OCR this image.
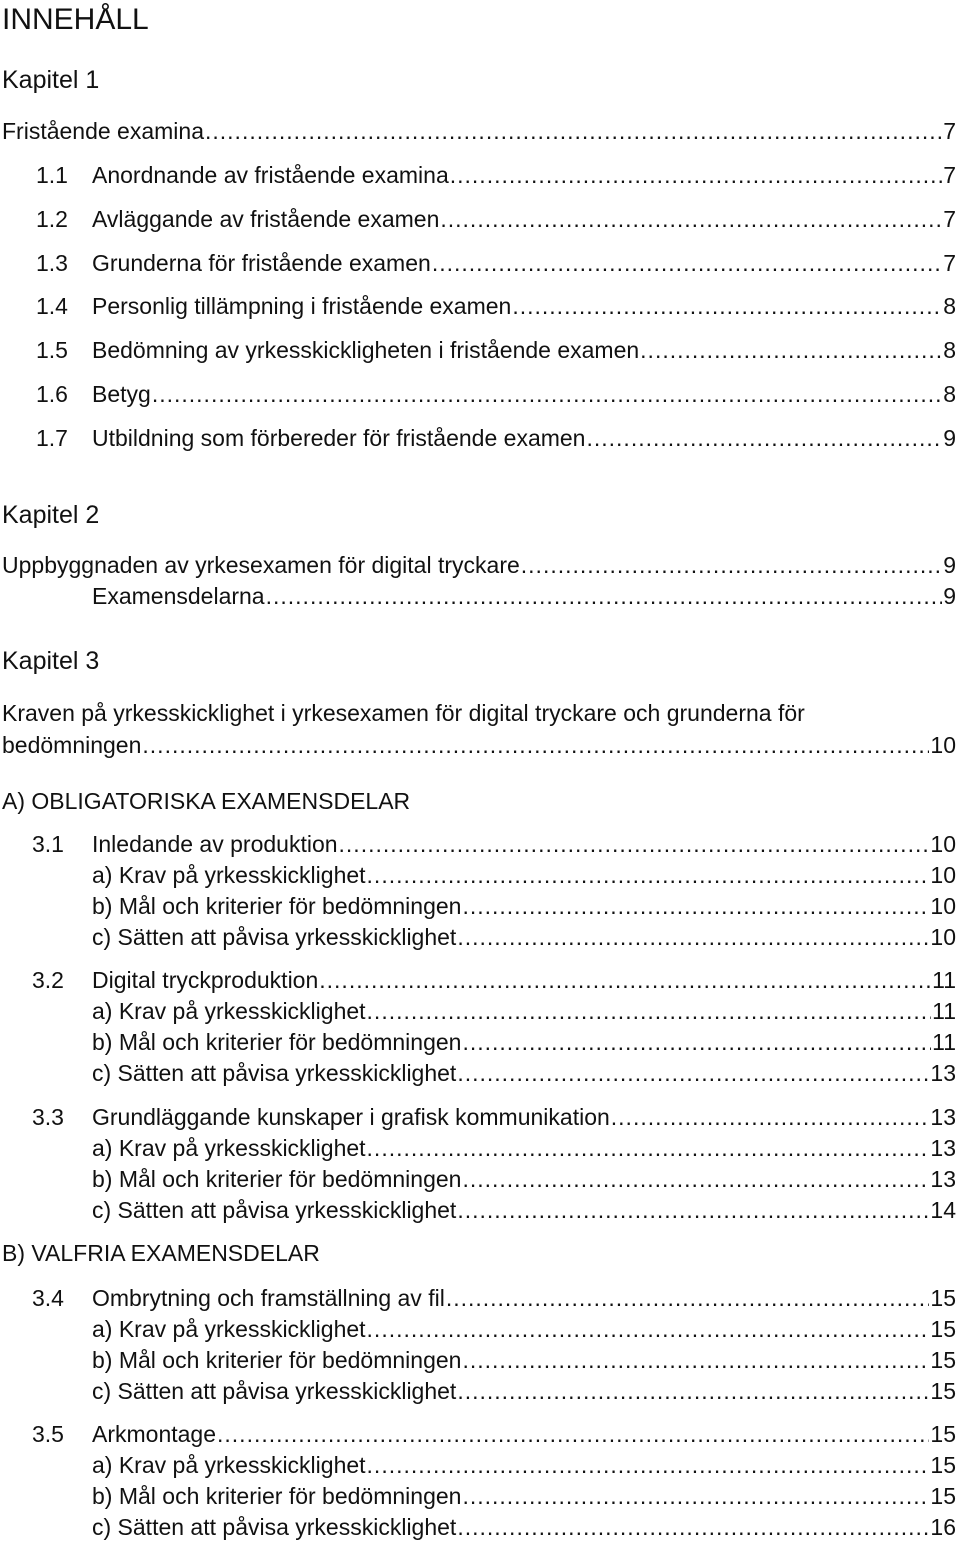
INNEHÅLL
Kapitel 1
Fristående examina .....	7
1.1	Anordnande av fristående examina .....	7
1.2	Avläggande av fristående examen .....	7
1.3	Grunderna för fristående examen .....	7
1.4	Personlig tillämpning i fristående examen .....	8
1.5	Bedömning av yrkesskickligheten i fristående examen .....	8
1.6	Betyg .....	8
1.7	Utbildning som förbereder för fristående examen .....	9
Kapitel 2
Uppbyggnaden av yrkesexamen för digital tryckare .....	9
Examensdelarna .....	9
Kapitel 3
Kraven på yrkesskicklighet i yrkesexamen för digital tryckare och grunderna för
bedömningen .....	10
A) OBLIGATORISKA EXAMENSDELAR
3.1	Inledande av produktion .....	10
a) Krav på yrkesskicklighet .....	10
b) Mål och kriterier för bedömningen .....	10
c) Sätten att påvisa yrkesskicklighet .....	10
3.2	Digital tryckproduktion .....	11
a) Krav på yrkesskicklighet .....	11
b) Mål och kriterier för bedömningen .....	11
c) Sätten att påvisa yrkesskicklighet .....	13
3.3	Grundläggande kunskaper i grafisk kommunikation .....	13
a) Krav på yrkesskicklighet .....	13
b) Mål och kriterier för bedömningen .....	13
c) Sätten att påvisa yrkesskicklighet .....	14
B) VALFRIA EXAMENSDELAR
3.4	Ombrytning och framställning av fil .....	15
a) Krav på yrkesskicklighet .....	15
b) Mål och kriterier för bedömningen .....	15
c) Sätten att påvisa yrkesskicklighet .....	15
3.5	Arkmontage .....	15
a) Krav på yrkesskicklighet .....	15
b) Mål och kriterier för bedömningen .....	15
c) Sätten att påvisa yrkesskicklighet .....	16
